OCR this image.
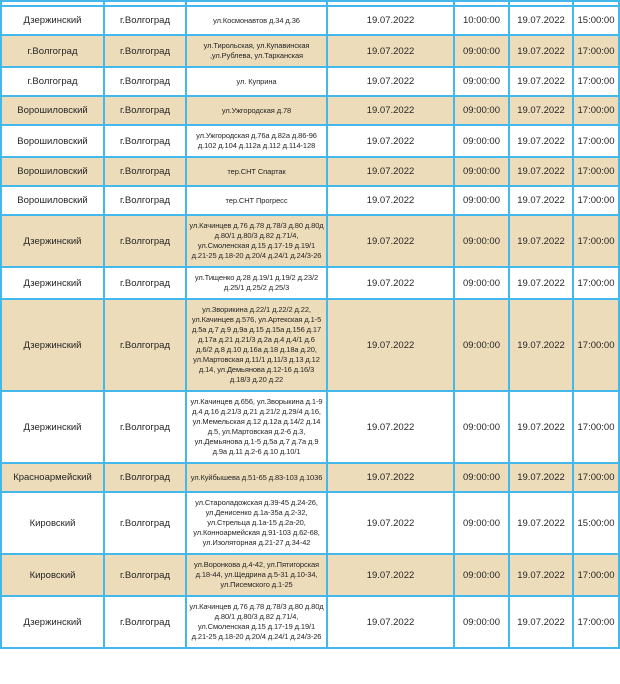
Дзержинский	г.Волгоград	ул.Космонавтов д.34 д.36	19.07.2022	10:00:00	19.07.2022	15:00:00
г.Волгоград	г.Волгоград	ул.Тирольская, ул.Купавинская ,ул.Рублева, ул.Тарханская	19.07.2022	09:00:00	19.07.2022	17:00:00
г.Волгоград	г.Волгоград	ул. Куприна	19.07.2022	09:00:00	19.07.2022	17:00:00
Ворошиловский	г.Волгоград	ул.Ужгородская д.78	19.07.2022	09:00:00	19.07.2022	17:00:00
Ворошиловский	г.Волгоград	ул.Ужгородская д.76а д.82а д.86-96 д.102 д.104 д.112а д.112 д.114-128	19.07.2022	09:00:00	19.07.2022	17:00:00
Ворошиловский	г.Волгоград	тер.СНТ Спартак	19.07.2022	09:00:00	19.07.2022	17:00:00
Ворошиловский	г.Волгоград	тер.СНТ Прогресс	19.07.2022	09:00:00	19.07.2022	17:00:00
Дзержинский	г.Волгоград	ул.Качинцев д.76 д.78 д.78/3 д.80 д.80д д.80/1 д.80/3 д.82 д.71/4, ул.Смоленская д.15 д.17-19 д.19/1 д.21-25 д.18-20 д.20/4 д.24/1 д.24/3-26	19.07.2022	09:00:00	19.07.2022	17:00:00
Дзержинский	г.Волгоград	ул.Тищенко д.28 д.19/1 д.19/2 д.23/2 д.25/1 д.25/2 д.25/3	19.07.2022	09:00:00	19.07.2022	17:00:00
Дзержинский	г.Волгоград	ул.Зворикина д.22/1 д.22/2 д.22, ул.Качинцев д.576, ул.Артекская д.1-5 д.5а д.7 д.9 д.9а д.15 д.15а д.156 д.17 д.17а д.21 д.21/3 д.2а д.4 д.4/1 д.6 д.6/2 д.8 д.10 д.16а д.18 д.18а д.20, ул.Мартовская д.11/1 д.11/3 д.13 д.12 д.14, ул.Демьянова д.12-16 д.16/3 д.18/3 д.20 д.22	19.07.2022	09:00:00	19.07.2022	17:00:00
Дзержинский	г.Волгоград	ул.Качинцев д.656, ул.Зворыкина д.1-9 д.4 д.16 д.21/3 д.21 д.21/2 д.29/4 д.16, ул.Мемельская д.12 д.12а д.14/2 д.14 д.5, ул.Мартовская д.2-6 д.3, ул.Демьянова д.1-5 д.5а д.7 д.7а д.9 д.9а д.11 д.2-6 д.10 д.10/1	19.07.2022	09:00:00	19.07.2022	17:00:00
Красноармейский	г.Волгоград	ул.Куйбышева д.51-65 д.83-103 д.1036	19.07.2022	09:00:00	19.07.2022	17:00:00
Кировский	г.Волгоград	ул.Староладожская д.39-45 д.24-26, ул.Денисенко д.1а-35а д.2-32, ул.Стрельца д.1а-15 д.2а-20, ул.Конноармейская д.91-103 д.62-68, ул.Изоляторная д.21-27 д.34-42	19.07.2022	09:00:00	19.07.2022	15:00:00
Кировский	г.Волгоград	ул.Воронкова д.4-42, ул.Пятигорская д.18-44, ул.Щедрина д.5-31 д.10-34, ул.Писемского д.1-25	19.07.2022	09:00:00	19.07.2022	17:00:00
Дзержинский	г.Волгоград	ул.Качинцев д.76 д.78 д.78/3 д.80 д.80д д.80/1 д.80/3 д.82 д.71/4, ул.Смоленская д.15 д.17-19 д.19/1 д.21-25 д.18-20 д.20/4 д.24/1 д.24/3-26	19.07.2022	09:00:00	19.07.2022	17:00:00
